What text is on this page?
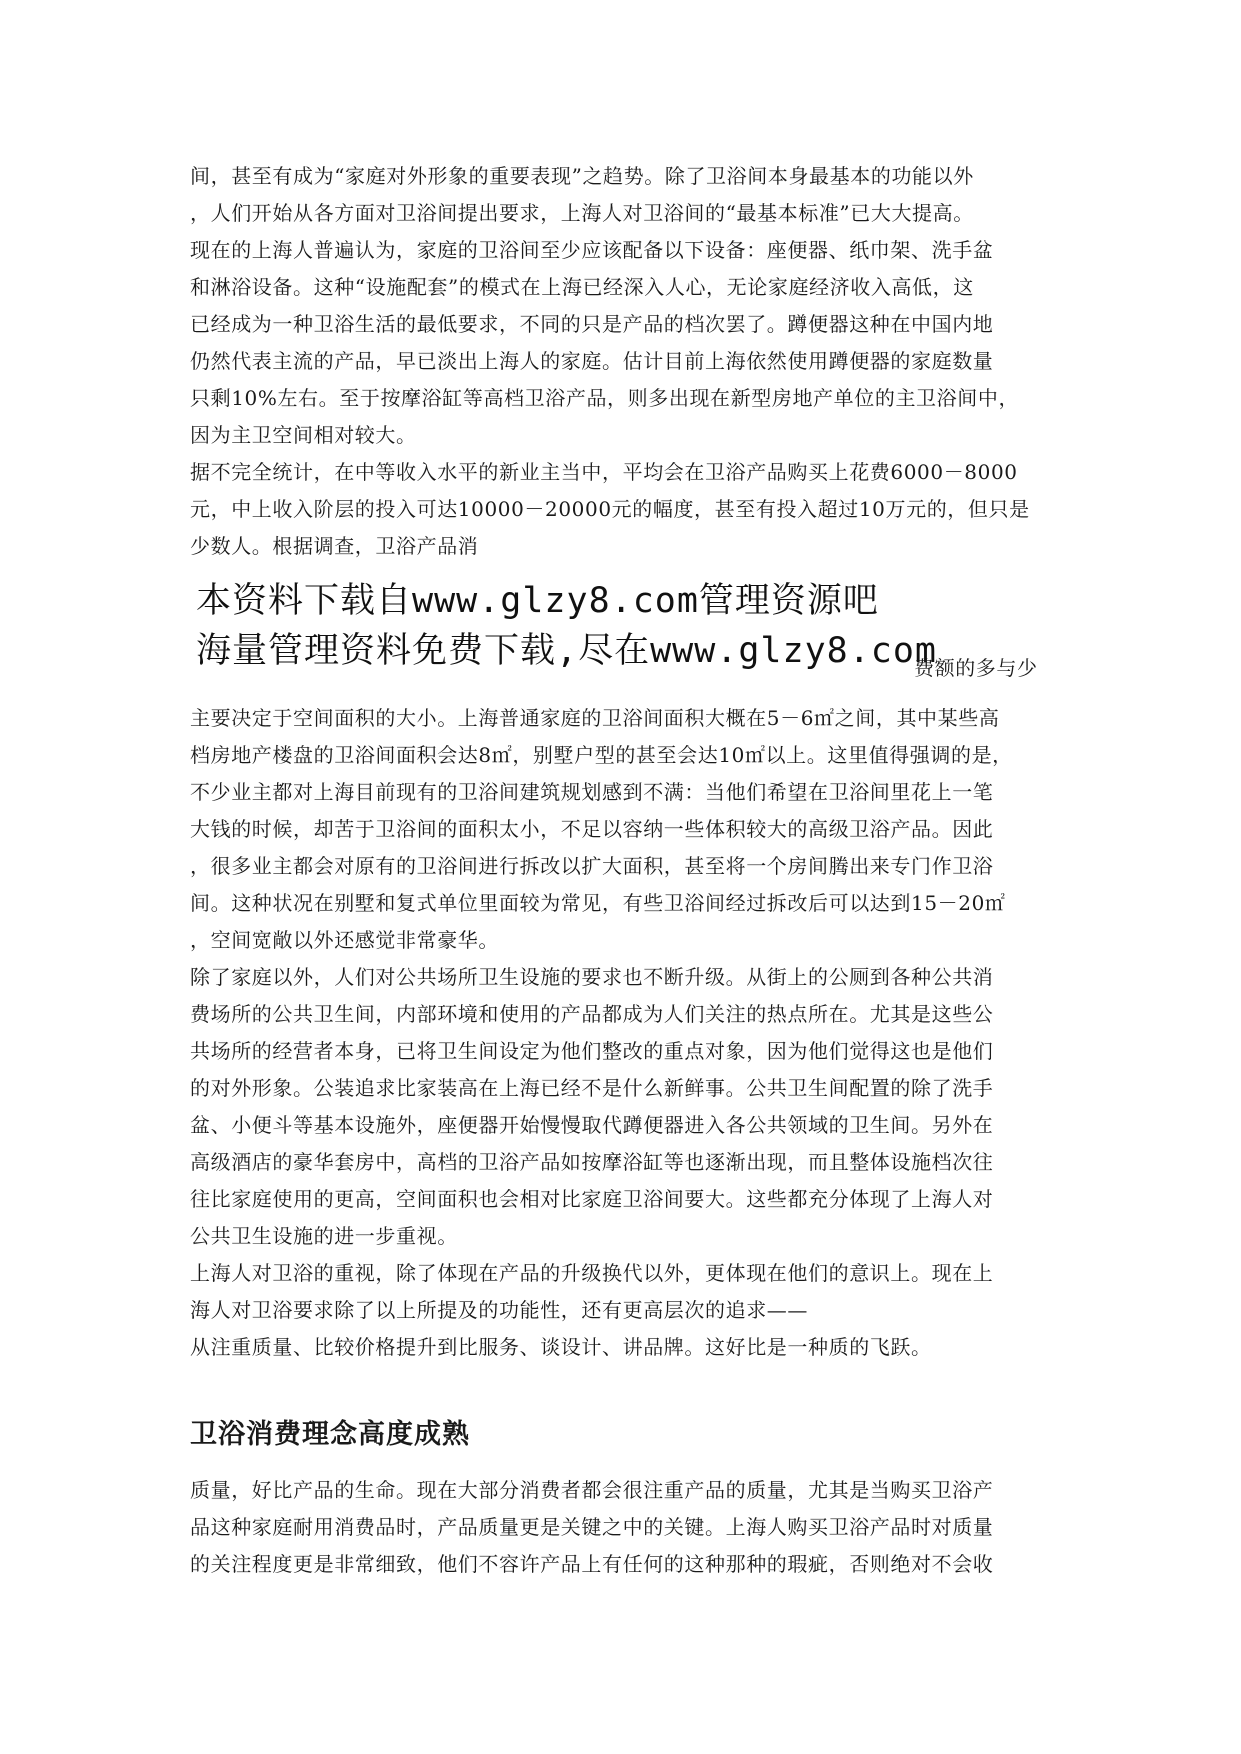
间，甚至有成为“家庭对外形象的重要表现”之趋势。除了卫浴间本身最基本的功能以外
，人们开始从各方面对卫浴间提出要求，上海人对卫浴间的“最基本标准”已大大提高。
现在的上海人普遍认为，家庭的卫浴间至少应该配备以下设备：座便器、纸巾架、洗手盆
和淋浴设备。这种“设施配套”的模式在上海已经深入人心，无论家庭经济收入高低，这
已经成为一种卫浴生活的最低要求，不同的只是产品的档次罢了。蹲便器这种在中国内地
仍然代表主流的产品，早已淡出上海人的家庭。估计目前上海依然使用蹲便器的家庭数量
只剩10%左右。至于按摩浴缸等高档卫浴产品，则多出现在新型房地产单位的主卫浴间中，
因为主卫空间相对较大。
据不完全统计，在中等收入水平的新业主当中，平均会在卫浴产品购买上花费6000－8000
元，中上收入阶层的投入可达10000－20000元的幅度，甚至有投入超过10万元的，但只是
少数人。根据调查，卫浴产品消
本资料下载自www.glzy8.com管理资源吧
海量管理资料免费下载,尽在www.glzy8.com
费额的多与少
主要决定于空间面积的大小。上海普通家庭的卫浴间面积大概在5－6㎡之间，其中某些高
档房地产楼盘的卫浴间面积会达8㎡，别墅户型的甚至会达10㎡以上。这里值得强调的是，
不少业主都对上海目前现有的卫浴间建筑规划感到不满：当他们希望在卫浴间里花上一笔
大钱的时候，却苦于卫浴间的面积太小，不足以容纳一些体积较大的高级卫浴产品。因此
，很多业主都会对原有的卫浴间进行拆改以扩大面积，甚至将一个房间腾出来专门作卫浴
间。这种状况在别墅和复式单位里面较为常见，有些卫浴间经过拆改后可以达到15－20㎡
，空间宽敞以外还感觉非常豪华。
除了家庭以外，人们对公共场所卫生设施的要求也不断升级。从街上的公厕到各种公共消
费场所的公共卫生间，内部环境和使用的产品都成为人们关注的热点所在。尤其是这些公
共场所的经营者本身，已将卫生间设定为他们整改的重点对象，因为他们觉得这也是他们
的对外形象。公装追求比家装高在上海已经不是什么新鲜事。公共卫生间配置的除了洗手
盆、小便斗等基本设施外，座便器开始慢慢取代蹲便器进入各公共领域的卫生间。另外在
高级酒店的豪华套房中，高档的卫浴产品如按摩浴缸等也逐渐出现，而且整体设施档次往
往比家庭使用的更高，空间面积也会相对比家庭卫浴间要大。这些都充分体现了上海人对
公共卫生设施的进一步重视。
上海人对卫浴的重视，除了体现在产品的升级换代以外，更体现在他们的意识上。现在上
海人对卫浴要求除了以上所提及的功能性，还有更高层次的追求——
从注重质量、比较价格提升到比服务、谈设计、讲品牌。这好比是一种质的飞跃。
卫浴消费理念高度成熟
质量，好比产品的生命。现在大部分消费者都会很注重产品的质量，尤其是当购买卫浴产
品这种家庭耐用消费品时，产品质量更是关键之中的关键。上海人购买卫浴产品时对质量
的关注程度更是非常细致，他们不容许产品上有任何的这种那种的瑕疵，否则绝对不会收
